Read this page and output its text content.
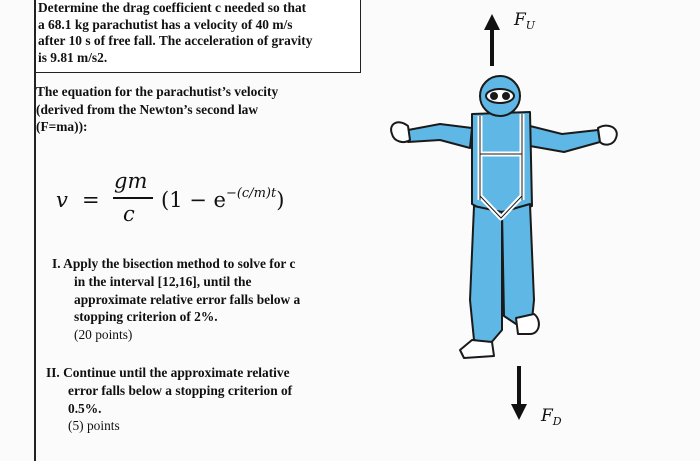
Determine the drag coefficient c needed so that
a 68.1 kg parachutist has a velocity of 40 m/s
after 10 s of free fall. The acceleration of gravity
is 9.81 m/s2.
The equation for the parachutist’s velocity
(derived from the Newton’s second law
(F=ma)):
v =
gm
c
$(1 - e^{-(c/m)t})$
I. Apply the bisection method to solve for c
in the interval [12,16], until the
approximate relative error falls below a
stopping criterion of 2%.
(20 points)
II. Continue until the approximate relative
error falls below a stopping criterion of
0.5%.
(5) points
$F_U$
$F_D$
